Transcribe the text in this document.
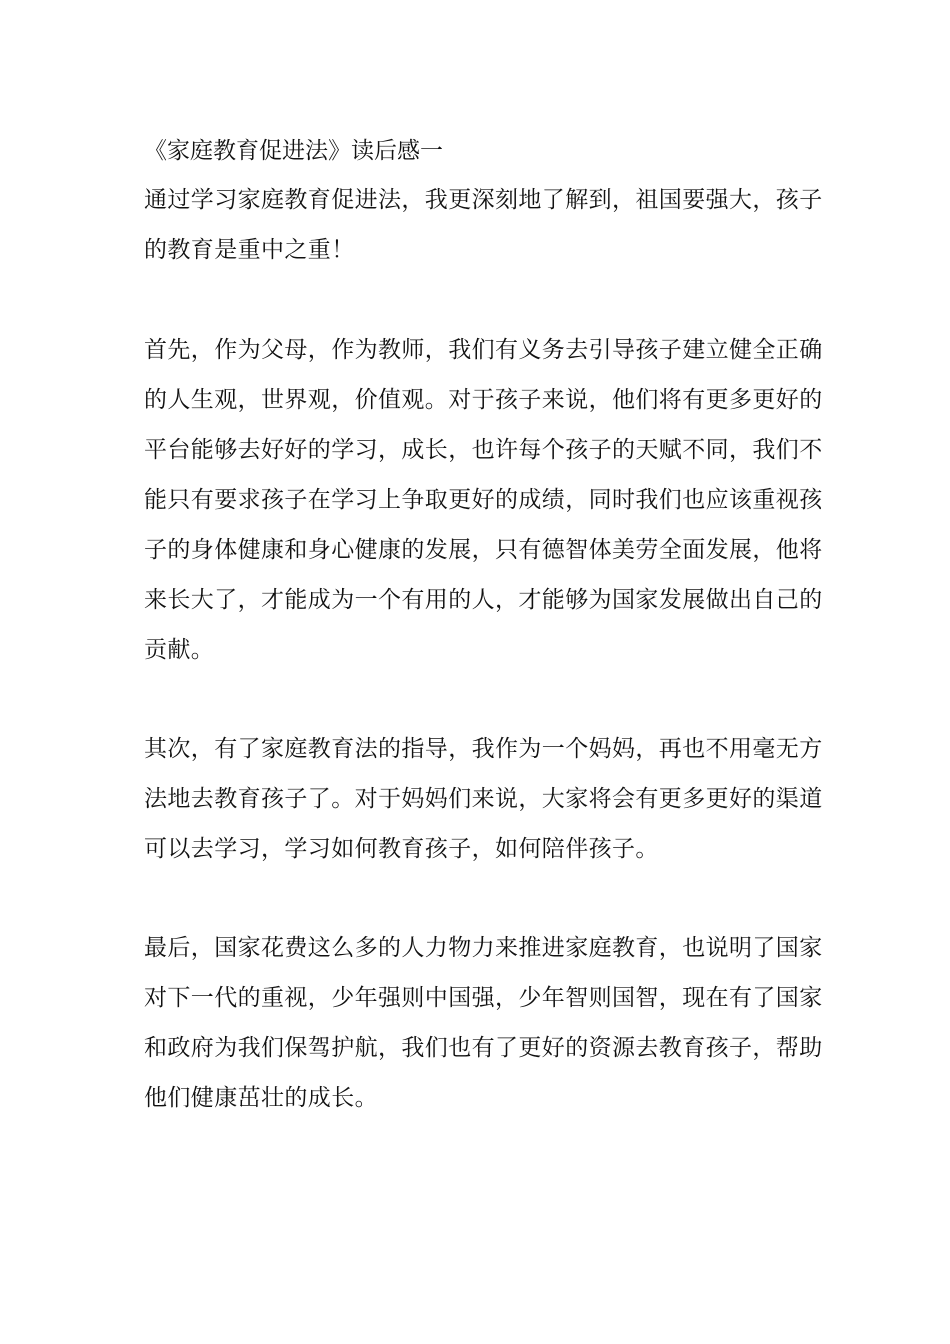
《家庭教育促进法》读后感一
通过学习家庭教育促进法，我更深刻地了解到，祖国要强大，孩子
的教育是重中之重！
首先，作为父母，作为教师，我们有义务去引导孩子建立健全正确
的人生观，世界观，价值观。对于孩子来说，他们将有更多更好的
平台能够去好好的学习，成长，也许每个孩子的天赋不同，我们不
能只有要求孩子在学习上争取更好的成绩，同时我们也应该重视孩
子的身体健康和身心健康的发展，只有德智体美劳全面发展，他将
来长大了，才能成为一个有用的人，才能够为国家发展做出自己的
贡献。
其次，有了家庭教育法的指导，我作为一个妈妈，再也不用毫无方
法地去教育孩子了。对于妈妈们来说，大家将会有更多更好的渠道
可以去学习，学习如何教育孩子，如何陪伴孩子。
最后，国家花费这么多的人力物力来推进家庭教育，也说明了国家
对下一代的重视，少年强则中国强，少年智则国智，现在有了国家
和政府为我们保驾护航，我们也有了更好的资源去教育孩子，帮助
他们健康茁壮的成长。
